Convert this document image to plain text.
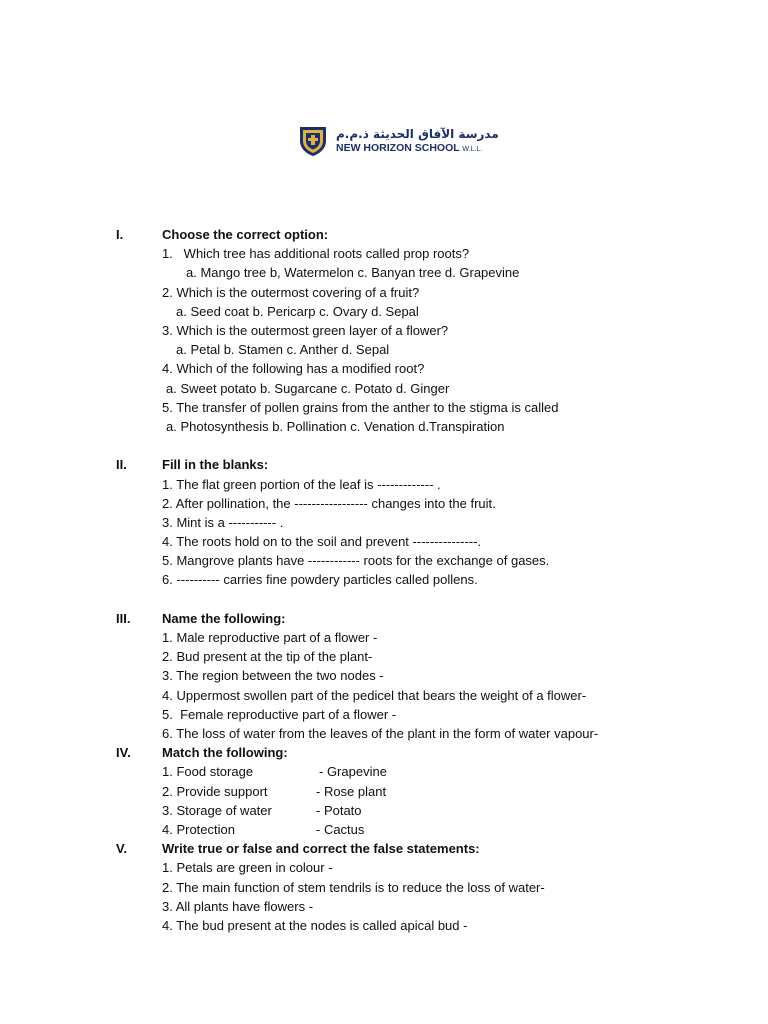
مدرسة الآفاق الحديثة ذ.م.م
NEW HORIZON SCHOOL W.L.L.
I.	Choose the correct option:
1.   Which tree has additional roots called prop roots?
a. Mango tree b, Watermelon c. Banyan tree d. Grapevine
2. Which is the outermost covering of a fruit?
a. Seed coat b. Pericarp c. Ovary d. Sepal
3. Which is the outermost green layer of a flower?
a. Petal b. Stamen c. Anther d. Sepal
4. Which of the following has a modified root?
a. Sweet potato b. Sugarcane c. Potato d. Ginger
5. The transfer of pollen grains from the anther to the stigma is called
a. Photosynthesis b. Pollination c. Venation d.Transpiration
II.	Fill in the blanks:
1. The flat green portion of the leaf is ------------- .
2. After pollination, the ----------------- changes into the fruit.
3. Mint is a ----------- .
4. The roots hold on to the soil and prevent ---------------.
5. Mangrove plants have ------------ roots for the exchange of gases.
6. ---------- carries fine powdery particles called pollens.
III. Name the following:
1. Male reproductive part of a flower -
2. Bud present at the tip of the plant-
3. The region between the two nodes -
4. Uppermost swollen part of the pedicel that bears the weight of a flower-
5.  Female reproductive part of a flower -
6. The loss of water from the leaves of the plant in the form of water vapour-
IV. Match the following:
1. Food storage	- Grapevine
2. Provide support	- Rose plant
3. Storage of water	- Potato
4. Protection	- Cactus
V.	Write true or false and correct the false statements:
1. Petals are green in colour -
2. The main function of stem tendrils is to reduce the loss of water-
3. All plants have flowers -
4. The bud present at the nodes is called apical bud -
